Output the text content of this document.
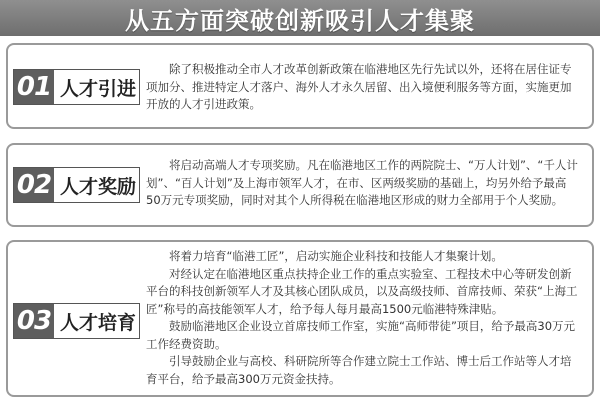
从五方面突破创新吸引人才集聚
01 人才引进

除了积极推动全市人才改革创新政策在临港地区先行先试以外，还将在居住证专项加分、推进特定人才落户、海外人才永久居留、出入境便利服务等方面，实施更加开放的人才引进政策。

02 人才奖励

将启动高端人才专项奖励。凡在临港地区工作的两院院士、“万人计划”、“千人计划”、“百人计划”及上海市领军人才，在市、区两级奖励的基础上，均另外给予最高50万元专项奖励，同时对其个人所得税在临港地区形成的财力全部用于个人奖励。

03 人才培育

将着力培育“临港工匠”，启动实施企业科技和技能人才集聚计划。

对经认定在临港地区重点扶持企业工作的重点实验室、工程技术中心等研发创新平台的科技创新领军人才及其核心团队成员，以及高级技师、首席技师、荣获“上海工匠”称号的高技能领军人才，给予每人每月最高1500元临港特殊津贴。

鼓励临港地区企业设立首席技师工作室，实施“高师带徒”项目，给予最高30万元工作经费资助。

引导鼓励企业与高校、科研院所等合作建立院士工作站、博士后工作站等人才培育平台，给予最高300万元资金扶持。
